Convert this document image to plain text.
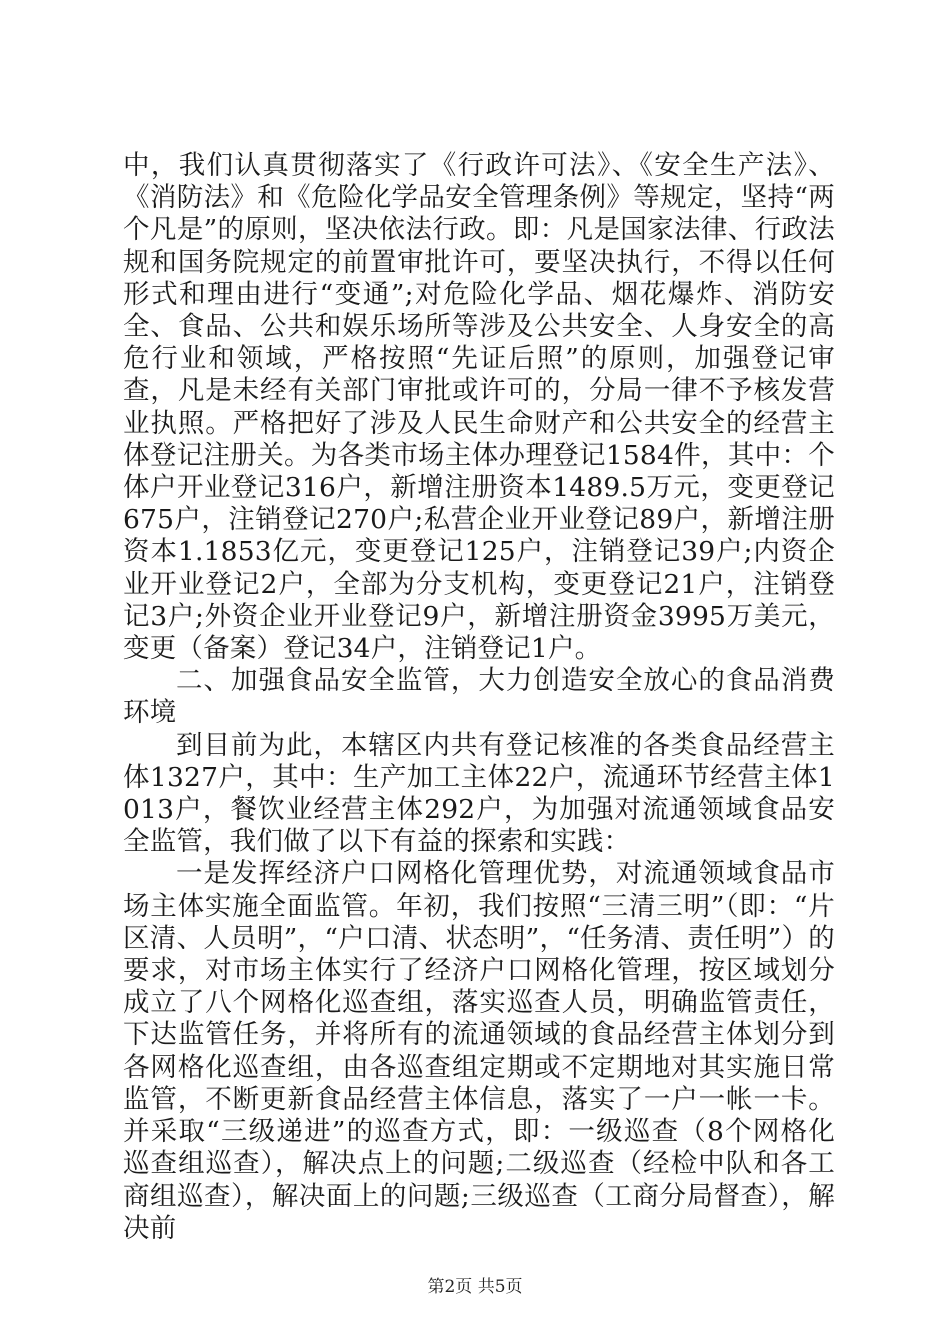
中，我们认真贯彻落实了《行政许可法》、《安全生产法》、《消防法》和《危险化学品安全管理条例》等规定，坚持“两个凡是”的原则，坚决依法行政。即：凡是国家法律、行政法规和国务院规定的前置审批许可，要坚决执行，不得以任何形式和理由进行“变通”;对危险化学品、烟花爆炸、消防安全、食品、公共和娱乐场所等涉及公共安全、人身安全的高危行业和领域，严格按照“先证后照”的原则，加强登记审查，凡是未经有关部门审批或许可的，分局一律不予核发营业执照。严格把好了涉及人民生命财产和公共安全的经营主体登记注册关。为各类市场主体办理登记1584件，其中：个体户开业登记316户，新增注册资本1489.5万元，变更登记675户，注销登记270户;私营企业开业登记89户，新增注册资本1.1853亿元，变更登记125户，注销登记39户;内资企业开业登记2户，全部为分支机构，变更登记21户，注销登记3户;外资企业开业登记9户，新增注册资金3995万美元，变更（备案）登记34户，注销登记1户。

二、加强食品安全监管，大力创造安全放心的食品消费环境

到目前为此，本辖区内共有登记核准的各类食品经营主体1327户，其中：生产加工主体22户，流通环节经营主体1013户，餐饮业经营主体292户，为加强对流通领域食品安全监管，我们做了以下有益的探索和实践：

一是发挥经济户口网格化管理优势，对流通领域食品市场主体实施全面监管。年初，我们按照“三清三明”（即：“片区清、人员明”，“户口清、状态明”，“任务清、责任明”）的要求，对市场主体实行了经济户口网格化管理，按区域划分成立了八个网格化巡查组，落实巡查人员，明确监管责任，下达监管任务，并将所有的流通领域的食品经营主体划分到各网格化巡查组，由各巡查组定期或不定期地对其实施日常监管，不断更新食品经营主体信息，落实了一户一帐一卡。并采取“三级递进”的巡查方式，即：一级巡查（8个网格化巡查组巡查），解决点上的问题;二级巡查（经检中队和各工商组巡查），解决面上的问题;三级巡查（工商分局督查），解决前

第2页 共5页
